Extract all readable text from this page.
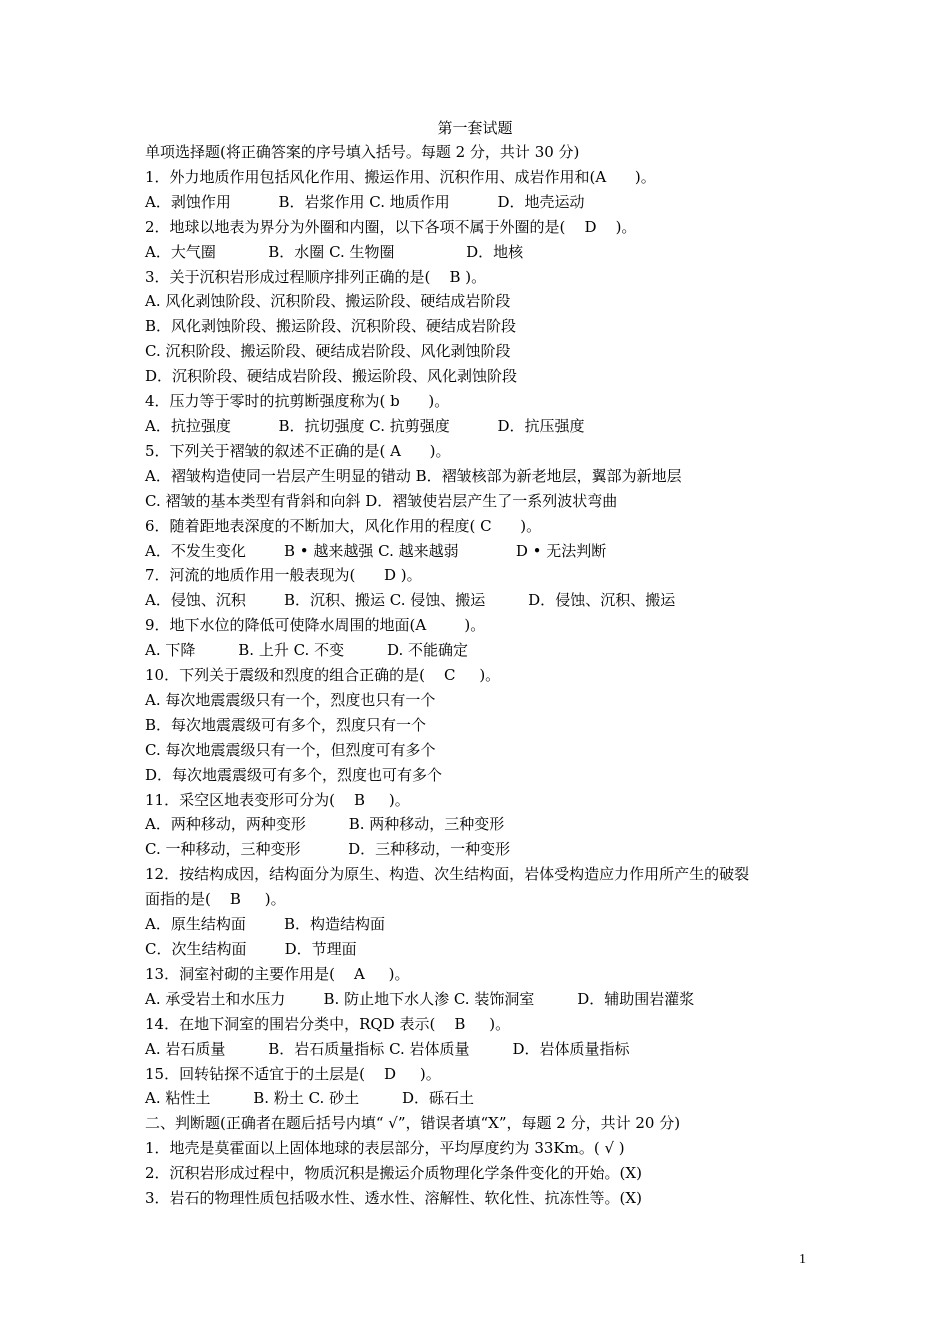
第一套试题
单项选择题(将正确答案的序号填入括号。每题 2 分，共计 30 分)
1．外力地质作用包括风化作用、搬运作用、沉积作用、成岩作用和(A      )。
A．剥蚀作用          B．岩浆作用 C. 地质作用          D．地壳运动
2．地球以地表为界分为外圈和内圈，以下各项不属于外圈的是(    D    )。
A．大气圈           B．水圈 C. 生物圈               D．地核
3．关于沉积岩形成过程顺序排列正确的是(    B )。
A. 风化剥蚀阶段、沉积阶段、搬运阶段、硬结成岩阶段
B．风化剥蚀阶段、搬运阶段、沉积阶段、硬结成岩阶段
C. 沉积阶段、搬运阶段、硬结成岩阶段、风化剥蚀阶段
D．沉积阶段、硬结成岩阶段、搬运阶段、风化剥蚀阶段
4．压力等于零时的抗剪断强度称为( b      )。
A．抗拉强度          B．抗切强度 C. 抗剪强度          D．抗压强度
5．下列关于褶皱的叙述不正确的是( A      )。
A．褶皱构造使同一岩层产生明显的错动 B．褶皱核部为新老地层，翼部为新地层
C. 褶皱的基本类型有背斜和向斜 D．褶皱使岩层产生了一系列波状弯曲
6．随着距地表深度的不断加大，风化作用的程度( C      )。
A．不发生变化        B • 越来越强 C. 越来越弱            D • 无法判断
7．河流的地质作用一般表现为(      D )。
A．侵蚀、沉积        B．沉积、搬运 C. 侵蚀、搬运         D．侵蚀、沉积、搬运
9．地下水位的降低可使降水周围的地面(A        )。
A. 下降         B. 上升 C. 不变         D. 不能确定
10．下列关于震级和烈度的组合正确的是(    C     )。
A. 每次地震震级只有一个，烈度也只有一个
B．每次地震震级可有多个，烈度只有一个
C. 每次地震震级只有一个，但烈度可有多个
D．每次地震震级可有多个，烈度也可有多个
11．采空区地表变形可分为(    B     )。
A．两种移动，两种变形         B. 两种移动，三种变形
C. 一种移动，三种变形          D．三种移动，一种变形
12．按结构成因，结构面分为原生、构造、次生结构面，岩体受构造应力作用所产生的破裂
面指的是(    B     )。
A．原生结构面        B．构造结构面
C．次生结构面        D．节理面
13．洞室衬砌的主要作用是(    A     )。
A. 承受岩土和水压力        B. 防止地下水人渗 C. 装饰洞室         D．辅助围岩灌浆
14．在地下洞室的围岩分类中，RQD 表示(    B     )。
A. 岩石质量         B．岩石质量指标 C. 岩体质量         D．岩体质量指标
15．回转钻探不适宜于的土层是(    D     )。
A. 粘性土         B. 粉土 C. 砂土         D．砾石土
二、判断题(正确者在题后括号内填“ √”，错误者填“X”，每题 2 分，共计 20 分)
1．地壳是莫霍面以上固体地球的表层部分，平均厚度约为 33Km。( √ )
2．沉积岩形成过程中，物质沉积是搬运介质物理化学条件变化的开始。(X)
3．岩石的物理性质包括吸水性、透水性、溶解性、软化性、抗冻性等。(X)
1
